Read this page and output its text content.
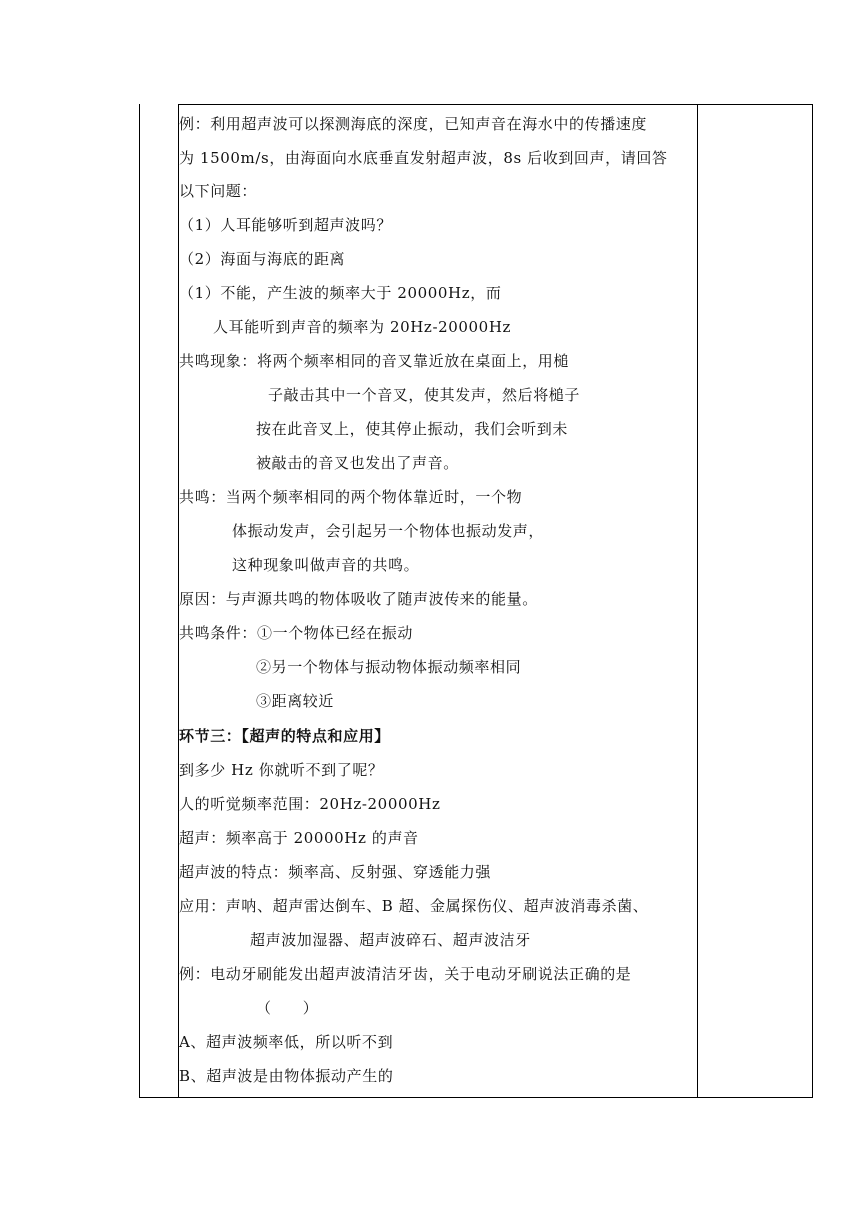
例：利用超声波可以探测海底的深度，已知声音在海水中的传播速度
为 1500m/s，由海面向水底垂直发射超声波，8s 后收到回声，请回答
以下问题：
（1）人耳能够听到超声波吗？
（2）海面与海底的距离
（1）不能，产生波的频率大于 20000Hz，而
人耳能听到声音的频率为 20Hz-20000Hz
共鸣现象：将两个频率相同的音叉靠近放在桌面上，用槌
子敲击其中一个音叉，使其发声，然后将槌子
按在此音叉上，使其停止振动，我们会听到未
被敲击的音叉也发出了声音。
共鸣：当两个频率相同的两个物体靠近时，一个物
体振动发声，会引起另一个物体也振动发声，
这种现象叫做声音的共鸣。
原因：与声源共鸣的物体吸收了随声波传来的能量。
共鸣条件：①一个物体已经在振动
②另一个物体与振动物体振动频率相同
③距离较近
环节三：【超声的特点和应用】
到多少 Hz 你就听不到了呢？
人的听觉频率范围：20Hz-20000Hz
超声：频率高于 20000Hz 的声音
超声波的特点：频率高、反射强、穿透能力强
应用：声呐、超声雷达倒车、B 超、金属探伤仪、超声波消毒杀菌、
超声波加湿器、超声波碎石、超声波洁牙
例：电动牙刷能发出超声波清洁牙齿，关于电动牙刷说法正确的是
（　　）
A、超声波频率低，所以听不到
B、超声波是由物体振动产生的
